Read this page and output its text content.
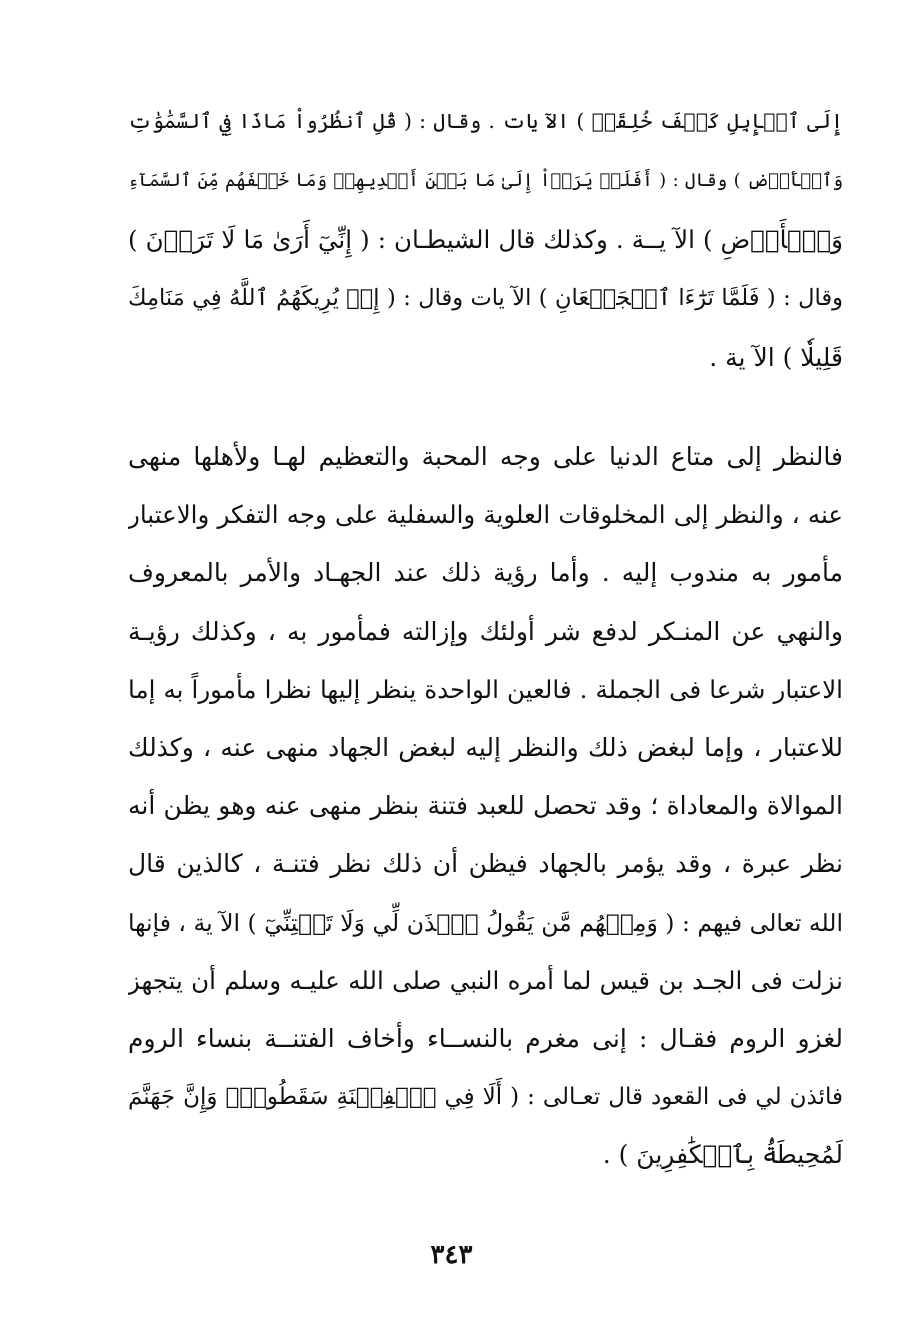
إِلَى ٱلۡإِبِلِ كَيۡفَ خُلِقَتۡ ) الآ يات . وقال : ( قُلِ ٱنظُرُواْ مَاذَا فِي ٱلسَّمَٰوَٰتِ
وَٱلۡأَرۡضِ ) وقال : ( أَفَلَمۡ يَرَوۡاْ إِلَىٰ مَا بَيۡنَ أَيۡدِيهِمۡ وَمَا خَلۡفَهُم مِّنَ ٱلسَّمَآءِ
وَٱلۡأَرۡضِ ) الآ يــة . وكذلك قال الشيطـان : ( إِنِّيٓ أَرَىٰ مَا لَا تَرَوۡنَ )
وقال : ( فَلَمَّا تَرَٰٓءَا ٱلۡجَمۡعَانِ ) الآ يات وقال : ( إِذۡ يُرِيكَهُمُ ٱللَّهُ فِي مَنَامِكَ
قَلِيلٗا ) الآ ية .
فالنظر إلى متاع الدنيا على وجه المحبة والتعظيم لهـا ولأهلها منهى
عنه ، والنظر إلى المخلوقات العلوية والسفلية على وجه التفكر والاعتبار
مأمور به مندوب إليه . وأما رؤية ذلك عند الجهـاد والأمر بالمعروف
والنهي عن المنـكر لدفع شر أولئك وإزالته فمأمور به ، وكذلك رؤيـة
الاعتبار شرعا فى الجملة . فالعين الواحدة ينظر إليها نظرا مأموراً به إما
للاعتبار ، وإما لبغض ذلك والنظر إليه لبغض الجهاد منهى عنه ، وكذلك
الموالاة والمعاداة ؛ وقد تحصل للعبد فتنة بنظر منهى عنه وهو يظن أنه
نظر عبرة ، وقد يؤمر بالجهاد فيظن أن ذلك نظر فتنـة ، كالذين قال
الله تعالى فيهم : ( وَمِنۡهُم مَّن يَقُولُ ٱئۡذَن لِّي وَلَا تَفۡتِنِّيٓ ) الآ ية ، فإنها
نزلت فى الجـد بن قيس لما أمره النبي صلى الله عليـه وسلم أن يتجهز
لغزو الروم فقـال : إنى مغرم بالنســاء وأخاف الفتنــة بنساء الروم
فائذن لي فى القعود قال تعـالى : ( أَلَا فِي ٱلۡفِتۡنَةِ سَقَطُواْۗ وَإِنَّ جَهَنَّمَ
لَمُحِيطَةُۢ بِٱلۡكَٰفِرِينَ ) .
٣٤٣
